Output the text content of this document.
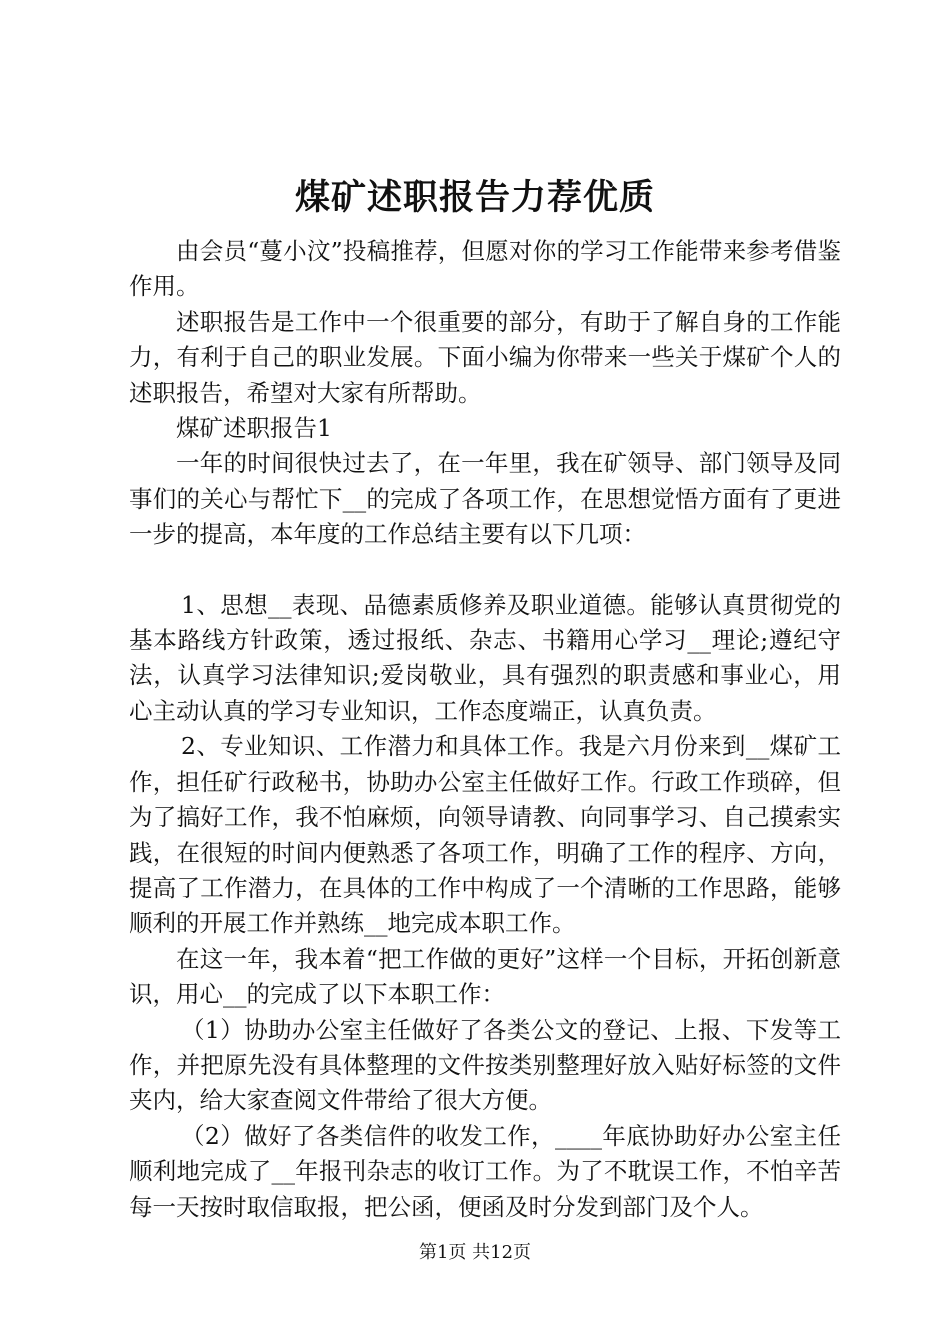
煤矿述职报告力荐优质

由会员“蔓小汶”投稿推荐，但愿对你的学习工作能带来参考借鉴作用。

述职报告是工作中一个很重要的部分，有助于了解自身的工作能力，有利于自己的职业发展。下面小编为你带来一些关于煤矿个人的述职报告，希望对大家有所帮助。

煤矿述职报告1

一年的时间很快过去了，在一年里，我在矿领导、部门领导及同事们的关心与帮忙下__的完成了各项工作，在思想觉悟方面有了更进一步的提高，本年度的工作总结主要有以下几项：

1、思想__表现、品德素质修养及职业道德。能够认真贯彻党的基本路线方针政策，透过报纸、杂志、书籍用心学习__理论;遵纪守法，认真学习法律知识;爱岗敬业，具有强烈的职责感和事业心，用心主动认真的学习专业知识，工作态度端正，认真负责。

2、专业知识、工作潜力和具体工作。我是六月份来到__煤矿工作，担任矿行政秘书，协助办公室主任做好工作。行政工作琐碎，但为了搞好工作，我不怕麻烦，向领导请教、向同事学习、自己摸索实践，在很短的时间内便熟悉了各项工作，明确了工作的程序、方向，提高了工作潜力，在具体的工作中构成了一个清晰的工作思路，能够顺利的开展工作并熟练__地完成本职工作。

在这一年，我本着“把工作做的更好”这样一个目标，开拓创新意识，用心__的完成了以下本职工作：

（1）协助办公室主任做好了各类公文的登记、上报、下发等工作，并把原先没有具体整理的文件按类别整理好放入贴好标签的文件夹内，给大家查阅文件带给了很大方便。

（2）做好了各类信件的收发工作，____年底协助好办公室主任顺利地完成了__年报刊杂志的收订工作。为了不耽误工作，不怕辛苦每一天按时取信取报，把公函，便函及时分发到部门及个人。

第1页 共12页
